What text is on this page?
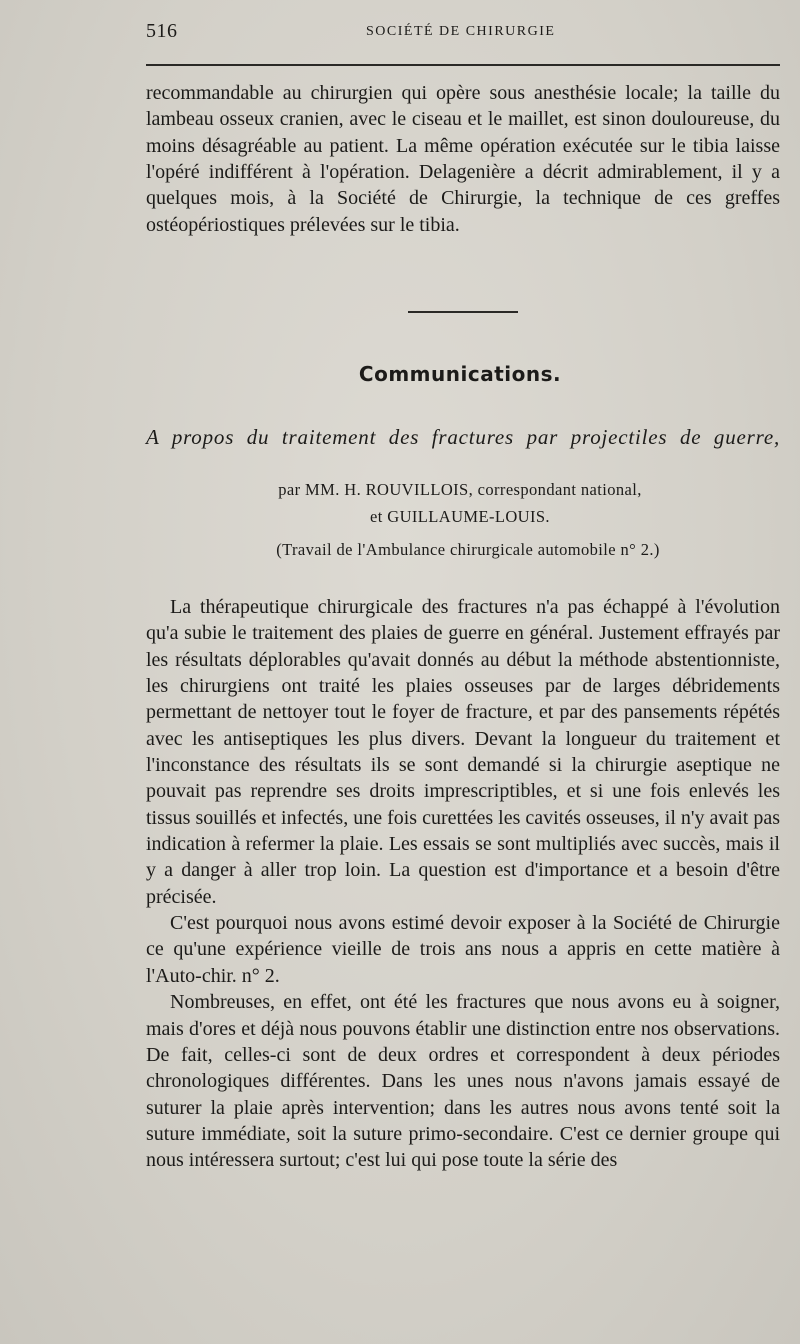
516	SOCIÉTÉ DE CHIRURGIE

recommandable au chirurgien qui opère sous anesthésie locale; la taille du lambeau osseux cranien, avec le ciseau et le maillet, est sinon douloureuse, du moins désagréable au patient. La même opération exécutée sur le tibia laisse l'opéré indifférent à l'opération. Delagenière a décrit admirablement, il y a quelques mois, à la Société de Chirurgie, la technique de ces greffes ostéopériostiques prélevées sur le tibia.

Communications.
A propos du traitement des fractures par projectiles de guerre,
par MM. H. ROUVILLOIS, correspondant national,
et GUILLAUME-LOUIS.
(Travail de l'Ambulance chirurgicale automobile n° 2.)

La thérapeutique chirurgicale des fractures n'a pas échappé à l'évolution qu'a subie le traitement des plaies de guerre en général. Justement effrayés par les résultats déplorables qu'avait donnés au début la méthode abstentionniste, les chirurgiens ont traité les plaies osseuses par de larges débridements permettant de nettoyer tout le foyer de fracture, et par des pansements répétés avec les antiseptiques les plus divers. Devant la longueur du traitement et l'inconstance des résultats ils se sont demandé si la chirurgie aseptique ne pouvait pas reprendre ses droits imprescriptibles, et si une fois enlevés les tissus souillés et infectés, une fois curettées les cavités osseuses, il n'y avait pas indication à refermer la plaie. Les essais se sont multipliés avec succès, mais il y a danger à aller trop loin. La question est d'importance et a besoin d'être précisée.

C'est pourquoi nous avons estimé devoir exposer à la Société de Chirurgie ce qu'une expérience vieille de trois ans nous a appris en cette matière à l'Auto-chir. n° 2.

Nombreuses, en effet, ont été les fractures que nous avons eu à soigner, mais d'ores et déjà nous pouvons établir une distinction entre nos observations. De fait, celles-ci sont de deux ordres et correspondent à deux périodes chronologiques différentes. Dans les unes nous n'avons jamais essayé de suturer la plaie après intervention; dans les autres nous avons tenté soit la suture immédiate, soit la suture primo-secondaire. C'est ce dernier groupe qui nous intéressera surtout; c'est lui qui pose toute la série des
